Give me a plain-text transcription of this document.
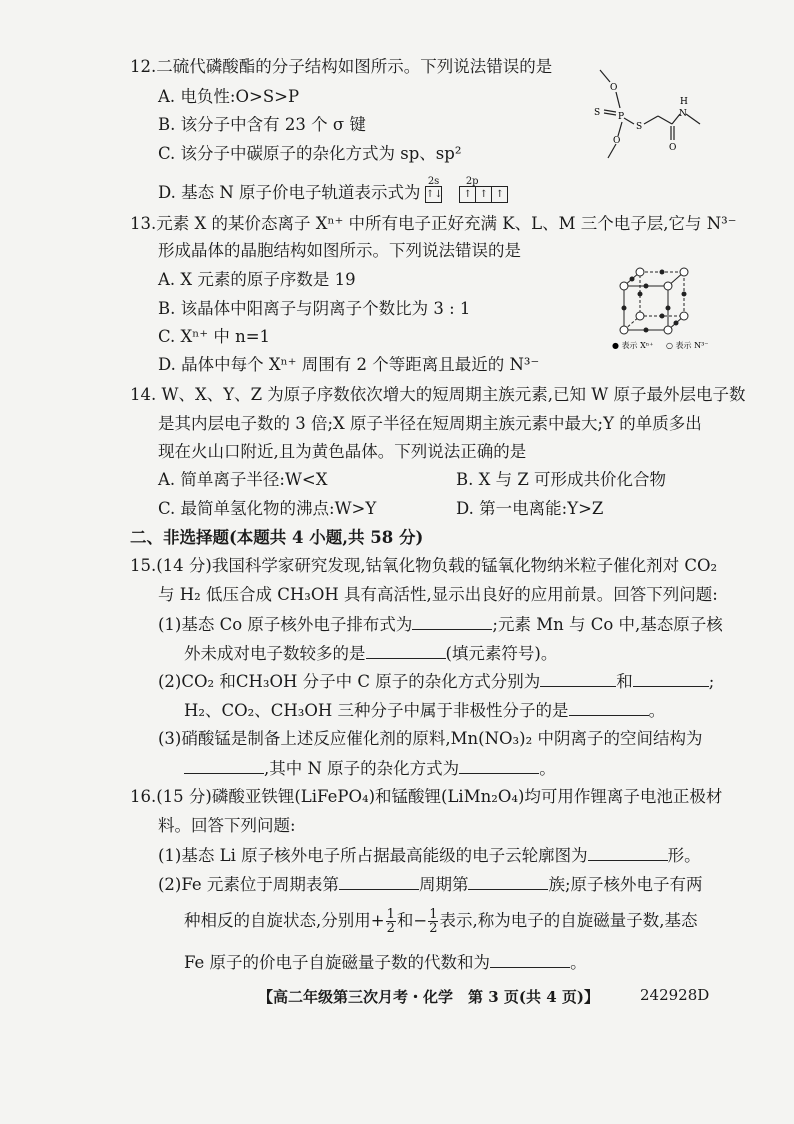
12.二硫代磷酸酯的分子结构如图所示。下列说法错误的是
A. 电负性:O>S>P
B. 该分子中含有 23 个 σ 键
C. 该分子中碳原子的杂化方式为 sp、sp²
D. 基态 N 原子价电子轨道表示式为
2s
↑↓
2p
↑ ↑ ↑
O
S P
S
O
O
H
N
13.元素 X 的某价态离子 Xⁿ⁺ 中所有电子正好充满 K、L、M 三个电子层,它与 N³⁻
形成晶体的晶胞结构如图所示。下列说法错误的是
A. X 元素的原子序数是 19
B. 该晶体中阳离子与阴离子个数比为 3 : 1
C. Xⁿ⁺ 中 n=1
D. 晶体中每个 Xⁿ⁺ 周围有 2 个等距离且最近的 N³⁻
● 表示 Xⁿ⁺ ○ 表示 N³⁻
14. W、X、Y、Z 为原子序数依次增大的短周期主族元素,已知 W 原子最外层电子数
是其内层电子数的 3 倍;X 原子半径在短周期主族元素中最大;Y 的单质多出
现在火山口附近,且为黄色晶体。下列说法正确的是
A. 简单离子半径:W<X	B. X 与 Z 可形成共价化合物
C. 最简单氢化物的沸点:W>Y	D. 第一电离能:Y>Z
二、非选择题(本题共 4 小题,共 58 分)
15.(14 分)我国科学家研究发现,钴氧化物负载的锰氧化物纳米粒子催化剂对 CO₂
与 H₂ 低压合成 CH₃OH 具有高活性,显示出良好的应用前景。回答下列问题:
(1)基态 Co 原子核外电子排布式为	;元素 Mn 与 Co 中,基态原子核
外未成对电子数较多的是	(填元素符号)。
(2)CO₂ 和CH₃OH 分子中 C 原子的杂化方式分别为	和	;
H₂、CO₂、CH₃OH 三种分子中属于非极性分子的是	。
(3)硝酸锰是制备上述反应催化剂的原料,Mn(NO₃)₂ 中阴离子的空间结构为
,其中 N 原子的杂化方式为	。
16.(15 分)磷酸亚铁锂(LiFePO₄)和锰酸锂(LiMn₂O₄)均可用作锂离子电池正极材
料。回答下列问题:
(1)基态 Li 原子核外电子所占据最高能级的电子云轮廓图为	形。
(2)Fe 元素位于周期表第	周期第	族;原子核外电子有两
种相反的自旋状态,分别用+ $\frac{1}{2}$ 和− $\frac{1}{2}$ 表示,称为电子的自旋磁量子数,基态
Fe 原子的价电子自旋磁量子数的代数和为	。
【高二年级第三次月考・化学　第 3 页(共 4 页)】	242928D
